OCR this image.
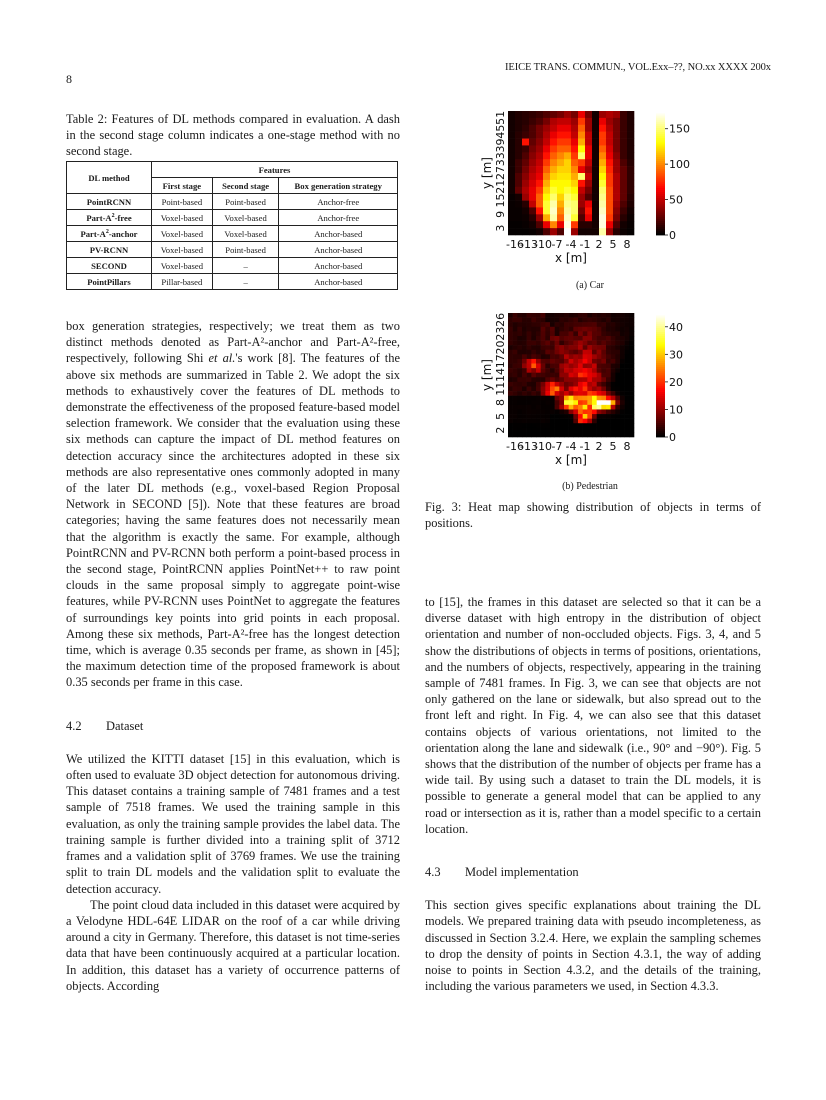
8
IEICE TRANS. COMMUN., VOL.Exx–??, NO.xx XXXX 200x
Table 2: Features of DL methods compared in evaluation. A dash in the second stage column indicates a one-stage method with no second stage.
DL method	Features		
	First stage	Second stage	Box generation strategy
PointRCNN	Point-based	Point-based	Anchor-free
Part-$A^2$-free	Voxel-based	Voxel-based	Anchor-free
Part-$A^2$-anchor	Voxel-based	Voxel-based	Anchor-based
PV-RCNN	Voxel-based	Point-based	Anchor-based
SECOND	Voxel-based	–	Anchor-based
PointPillars	Pillar-based	–	Anchor-based

box generation strategies, respectively; we treat them as two distinct methods denoted as Part-A²-anchor and Part-A²-free, respectively, following Shi et al.'s work [8]. The features of the above six methods are summarized in Table 2. We adopt the six methods to exhaustively cover the features of DL methods to demonstrate the effectiveness of the proposed feature-based model selection framework. We consider that the evaluation using these six methods can capture the impact of DL method features on detection accuracy since the architectures adopted in these six methods are also representative ones commonly adopted in many of the later DL methods (e.g., voxel-based Region Proposal Network in SECOND [5]). Note that these features are broad categories; having the same features does not necessarily mean that the algorithm is exactly the same. For example, although PointRCNN and PV-RCNN both perform a point-based process in the second stage, PointRCNN applies PointNet++ to raw point clouds in the same proposal simply to aggregate point-wise features, while PV-RCNN uses PointNet to aggregate the features of surroundings key points into grid points in each proposal. Among these six methods, Part-A²-free has the longest detection time, which is average 0.35 seconds per frame, as shown in [45]; the maximum detection time of the proposed framework is about 0.35 seconds per frame in this case.

4.2 Dataset

We utilized the KITTI dataset [15] in this evaluation, which is often used to evaluate 3D object detection for autonomous driving. This dataset contains a training sample of 7481 frames and a test sample of 7518 frames. We used the training sample in this evaluation, as only the training sample provides the label data. The training sample is further divided into a training split of 3712 frames and a validation split of 3769 frames. We use the training split to train DL models and the validation split to evaluate the detection accuracy.

The point cloud data included in this dataset were acquired by a Velodyne HDL-64E LIDAR on the roof of a car while driving around a city in Germany. Therefore, this dataset is not time-series data that have been continuously acquired at a particular location. In addition, this dataset has a variety of occurrence patterns of objects. According

-16
-13
-10 -7 -4 -1 2 5 8
3
9
15
21
27
33
39
45
51
x [m]
y [m]
0
50
100
150
(a) Car
-16
-13
-10 -7 -4 -1 2 5 8
2
5
8
11
14
17
20
23
26
x [m]
y [m]
0
10
20
30
40
(b) Pedestrian
Fig. 3: Heat map showing distribution of objects in terms of positions.

to [15], the frames in this dataset are selected so that it can be a diverse dataset with high entropy in the distribution of object orientation and number of non-occluded objects. Figs. 3, 4, and 5 show the distributions of objects in terms of positions, orientations, and the numbers of objects, respectively, appearing in the training sample of 7481 frames. In Fig. 3, we can see that objects are not only gathered on the lane or sidewalk, but also spread out to the front left and right. In Fig. 4, we can also see that this dataset contains objects of various orientations, not limited to the orientation along the lane and sidewalk (i.e., 90° and −90°). Fig. 5 shows that the distribution of the number of objects per frame has a wide tail. By using such a dataset to train the DL models, it is possible to generate a general model that can be applied to any road or intersection as it is, rather than a model specific to a certain location.

4.3 Model implementation

This section gives specific explanations about training the DL models. We prepared training data with pseudo incompleteness, as discussed in Section 3.2.4. Here, we explain the sampling schemes to drop the density of points in Section 4.3.1, the way of adding noise to points in Section 4.3.2, and the details of the training, including the various parameters we used, in Section 4.3.3.
